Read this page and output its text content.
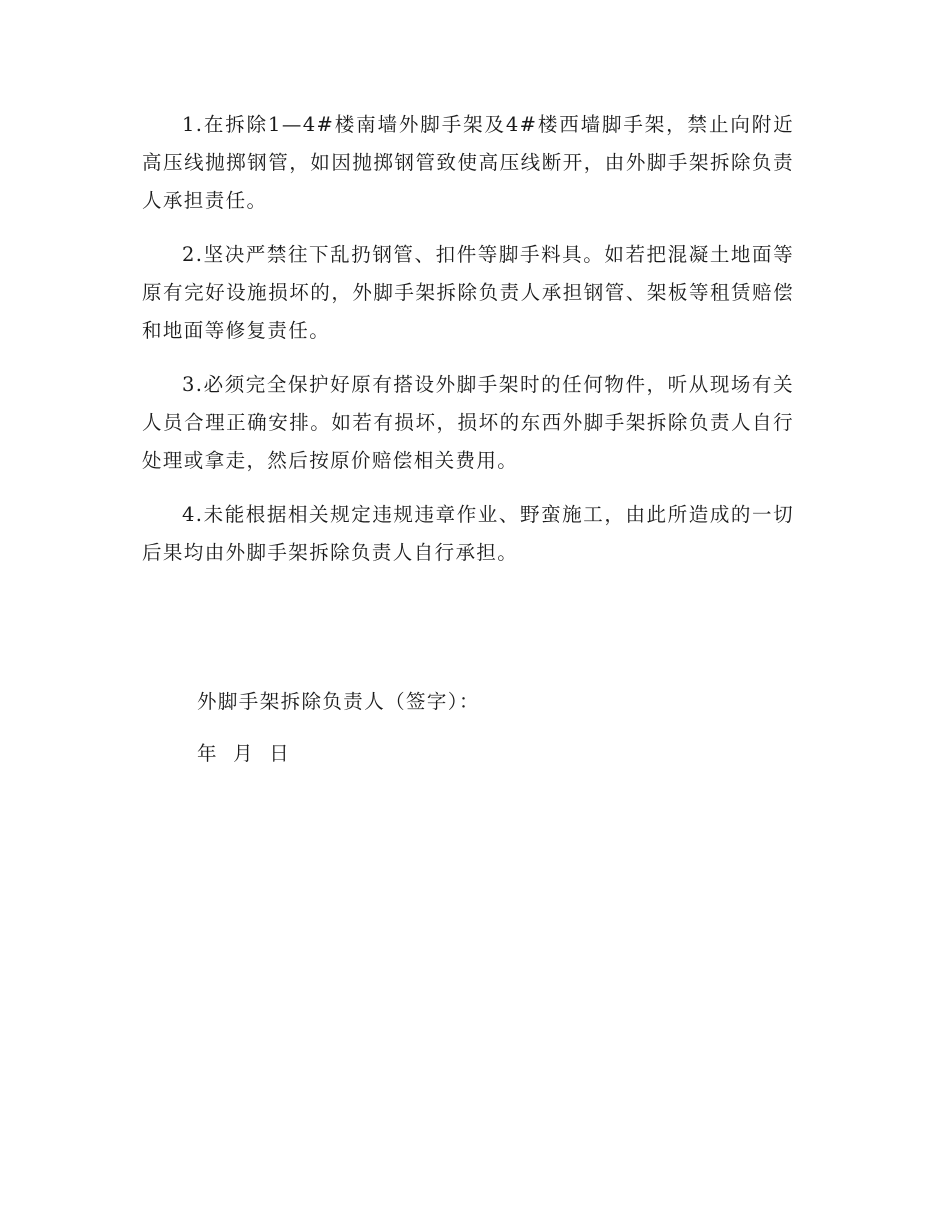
1.在拆除1—4#楼南墙外脚手架及4#楼西墙脚手架，禁止向附近高压线抛掷钢管，如因抛掷钢管致使高压线断开，由外脚手架拆除负责人承担责任。

2.坚决严禁往下乱扔钢管、扣件等脚手料具。如若把混凝土地面等原有完好设施损坏的，外脚手架拆除负责人承担钢管、架板等租赁赔偿和地面等修复责任。

3.必须完全保护好原有搭设外脚手架时的任何物件，听从现场有关人员合理正确安排。如若有损坏，损坏的东西外脚手架拆除负责人自行处理或拿走，然后按原价赔偿相关费用。

4.未能根据相关规定违规违章作业、野蛮施工，由此所造成的一切后果均由外脚手架拆除负责人自行承担。

外脚手架拆除负责人（签字）：
年  月  日
